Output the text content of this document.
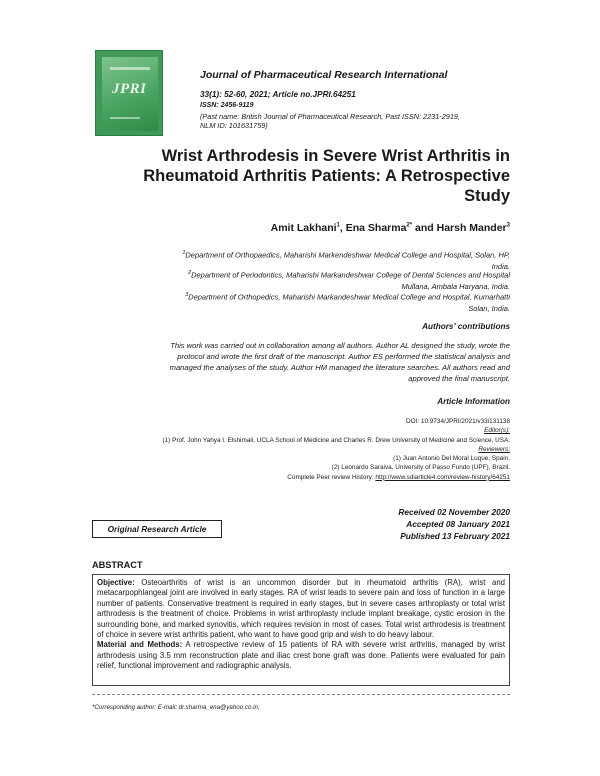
JPRI
Journal of Pharmaceutical Research International
33(1): 52-60, 2021; Article no.JPRI.64251
ISSN: 2456-9119
(Past name: British Journal of Pharmaceutical Research, Past ISSN: 2231-2919,
NLM ID: 101631759)
Wrist Arthrodesis in Severe Wrist Arthritis in
Rheumatoid Arthritis Patients: A Retrospective
Study
Amit Lakhani$^1$, Ena Sharma$^{2*}$ and Harsh Mander$^3$
$^1$Department of Orthopaedics, Maharishi Markendeshwar Medical College and Hospital, Solan, HP,
India.
$^2$Department of Periodontics, Maharishi Markandeshwar College of Dental Sciences and Hospital
Mullana, Ambala Haryana, India.
$^3$Department of Orthopedics, Maharishi Markandeshwar Medical College and Hospital, Kumarhatti
Solan, India.
Authors’ contributions
This work was carried out in collaboration among all authors. Author AL designed the study, wrote the
protocol and wrote the first draft of the manuscript. Author ES performed the statistical analysis and
managed the analyses of the study. Author HM managed the literature searches. All authors read and
approved the final manuscript.
Article Information
DOI: 10.9734/JPRI/2021/v33i131138
Editor(s):
(1) Prof. John Yahya I. Elshimali, UCLA School of Medicine and Charles R. Drew University of Medicine and Science, USA.
Reviewers:
(1) Juan Antonio Del Moral Luque, Spain.
(2) Leonardo Saraiva, University of Passo Fundo (UPF), Brazil.
Complete Peer review History: http://www.sdiarticle4.com/review-history/64251
Original Research Article
Received 02 November 2020
Accepted 08 January 2021
Published 13 February 2021
ABSTRACT

Objective: Osteoarthritis of wrist is an uncommon disorder but in rheumatoid arthritis (RA), wrist and metacarpophlangeal joint are involved in early stages. RA of wrist leads to severe pain and loss of function in a large number of patients. Conservative treatment is required in early stages, but in severe cases arthroplasty or total wrist arthrodesis is the treatment of choice. Problems in wrist arthroplasty include implant breakage, cystic erosion in the surrounding bone, and marked synovitis, which requires revision in most of cases. Total wrist arthrodesis is treatment of choice in severe wrist arthritis patient, who want to have good grip and wish to do heavy labour.

Material and Methods: A retrospective review of 15 patients of RA with severe wrist arthritis, managed by wrist arthrodesis using 3.5 mm reconstruction plate and iliac crest bone graft was done. Patients were evaluated for pain relief, functional improvement and radiographic analysis.

*Corresponding author: E-mail: dr.sharma_ena@yahoo.co.in;
